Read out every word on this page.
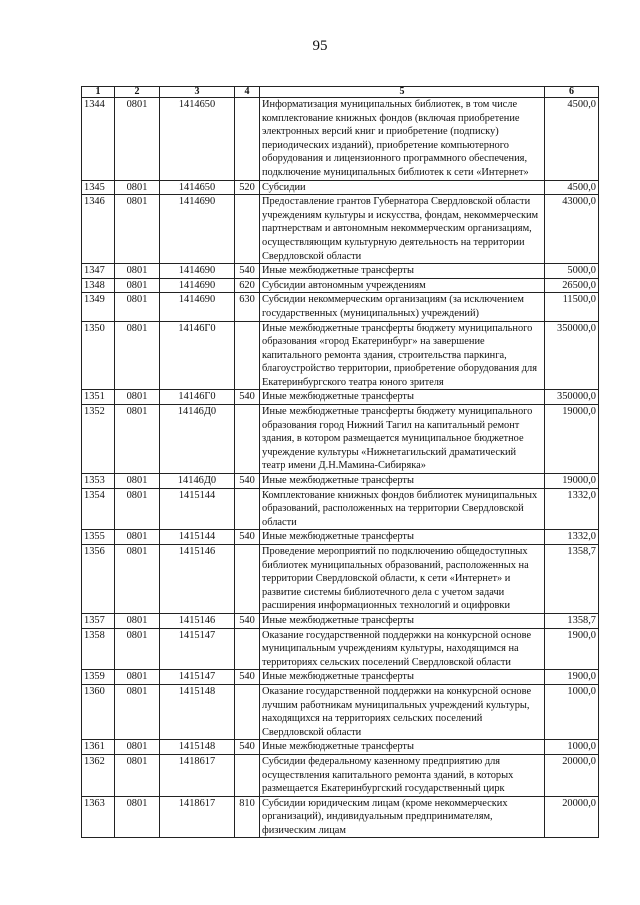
95
1	2	3	4	5	6
1344	0801	1414650		Информатизация муниципальных библиотек, в том числе комплектование книжных фондов (включая приобретение электронных версий книг и приобретение (подписку) периодических изданий), приобретение компьютерного оборудования и лицензионного программного обеспечения, подключение муниципальных библиотек к сети «Интернет»	4500,0
1345	0801	1414650	520	Субсидии	4500,0
1346	0801	1414690		Предоставление грантов Губернатора Свердловской области учреждениям культуры и искусства, фондам, некоммерческим партнерствам и автономным некоммерческим организациям, осуществляющим культурную деятельность на территории Свердловской области	43000,0
1347	0801	1414690	540	Иные межбюджетные трансферты	5000,0
1348	0801	1414690	620	Субсидии автономным учреждениям	26500,0
1349	0801	1414690	630	Субсидии некоммерческим организациям (за исключением государственных (муниципальных) учреждений)	11500,0
1350	0801	14146Г0		Иные межбюджетные трансферты бюджету муниципального образования «город Екатеринбург» на завершение капитального ремонта здания, строительства паркинга, благоустройство территории, приобретение оборудования для Екатеринбургского театра юного зрителя	350000,0
1351	0801	14146Г0	540	Иные межбюджетные трансферты	350000,0
1352	0801	14146Д0		Иные межбюджетные трансферты бюджету муниципального образования город Нижний Тагил на капитальный ремонт здания, в котором размещается муниципальное бюджетное учреждение культуры «Нижнетагильский драматический театр имени Д.Н.Мамина-Сибиряка»	19000,0
1353	0801	14146Д0	540	Иные межбюджетные трансферты	19000,0
1354	0801	1415144		Комплектование книжных фондов библиотек муниципальных образований, расположенных на территории Свердловской области	1332,0
1355	0801	1415144	540	Иные межбюджетные трансферты	1332,0
1356	0801	1415146		Проведение мероприятий по подключению общедоступных библиотек муниципальных образований, расположенных на территории Свердловской области, к сети «Интернет» и развитие системы библиотечного дела с учетом задачи расширения информационных технологий и оцифровки	1358,7
1357	0801	1415146	540	Иные межбюджетные трансферты	1358,7
1358	0801	1415147		Оказание государственной поддержки на конкурсной основе муниципальным учреждениям культуры, находящимся на территориях сельских поселений Свердловской области	1900,0
1359	0801	1415147	540	Иные межбюджетные трансферты	1900,0
1360	0801	1415148		Оказание государственной поддержки на конкурсной основе лучшим работникам муниципальных учреждений культуры, находящихся на территориях сельских поселений Свердловской области	1000,0
1361	0801	1415148	540	Иные межбюджетные трансферты	1000,0
1362	0801	1418617		Субсидии федеральному казенному предприятию для осуществления капитального ремонта зданий, в которых размещается Екатеринбургский государственный цирк	20000,0
1363	0801	1418617	810	Субсидии юридическим лицам (кроме некоммерческих организаций), индивидуальным предпринимателям, физическим лицам	20000,0
